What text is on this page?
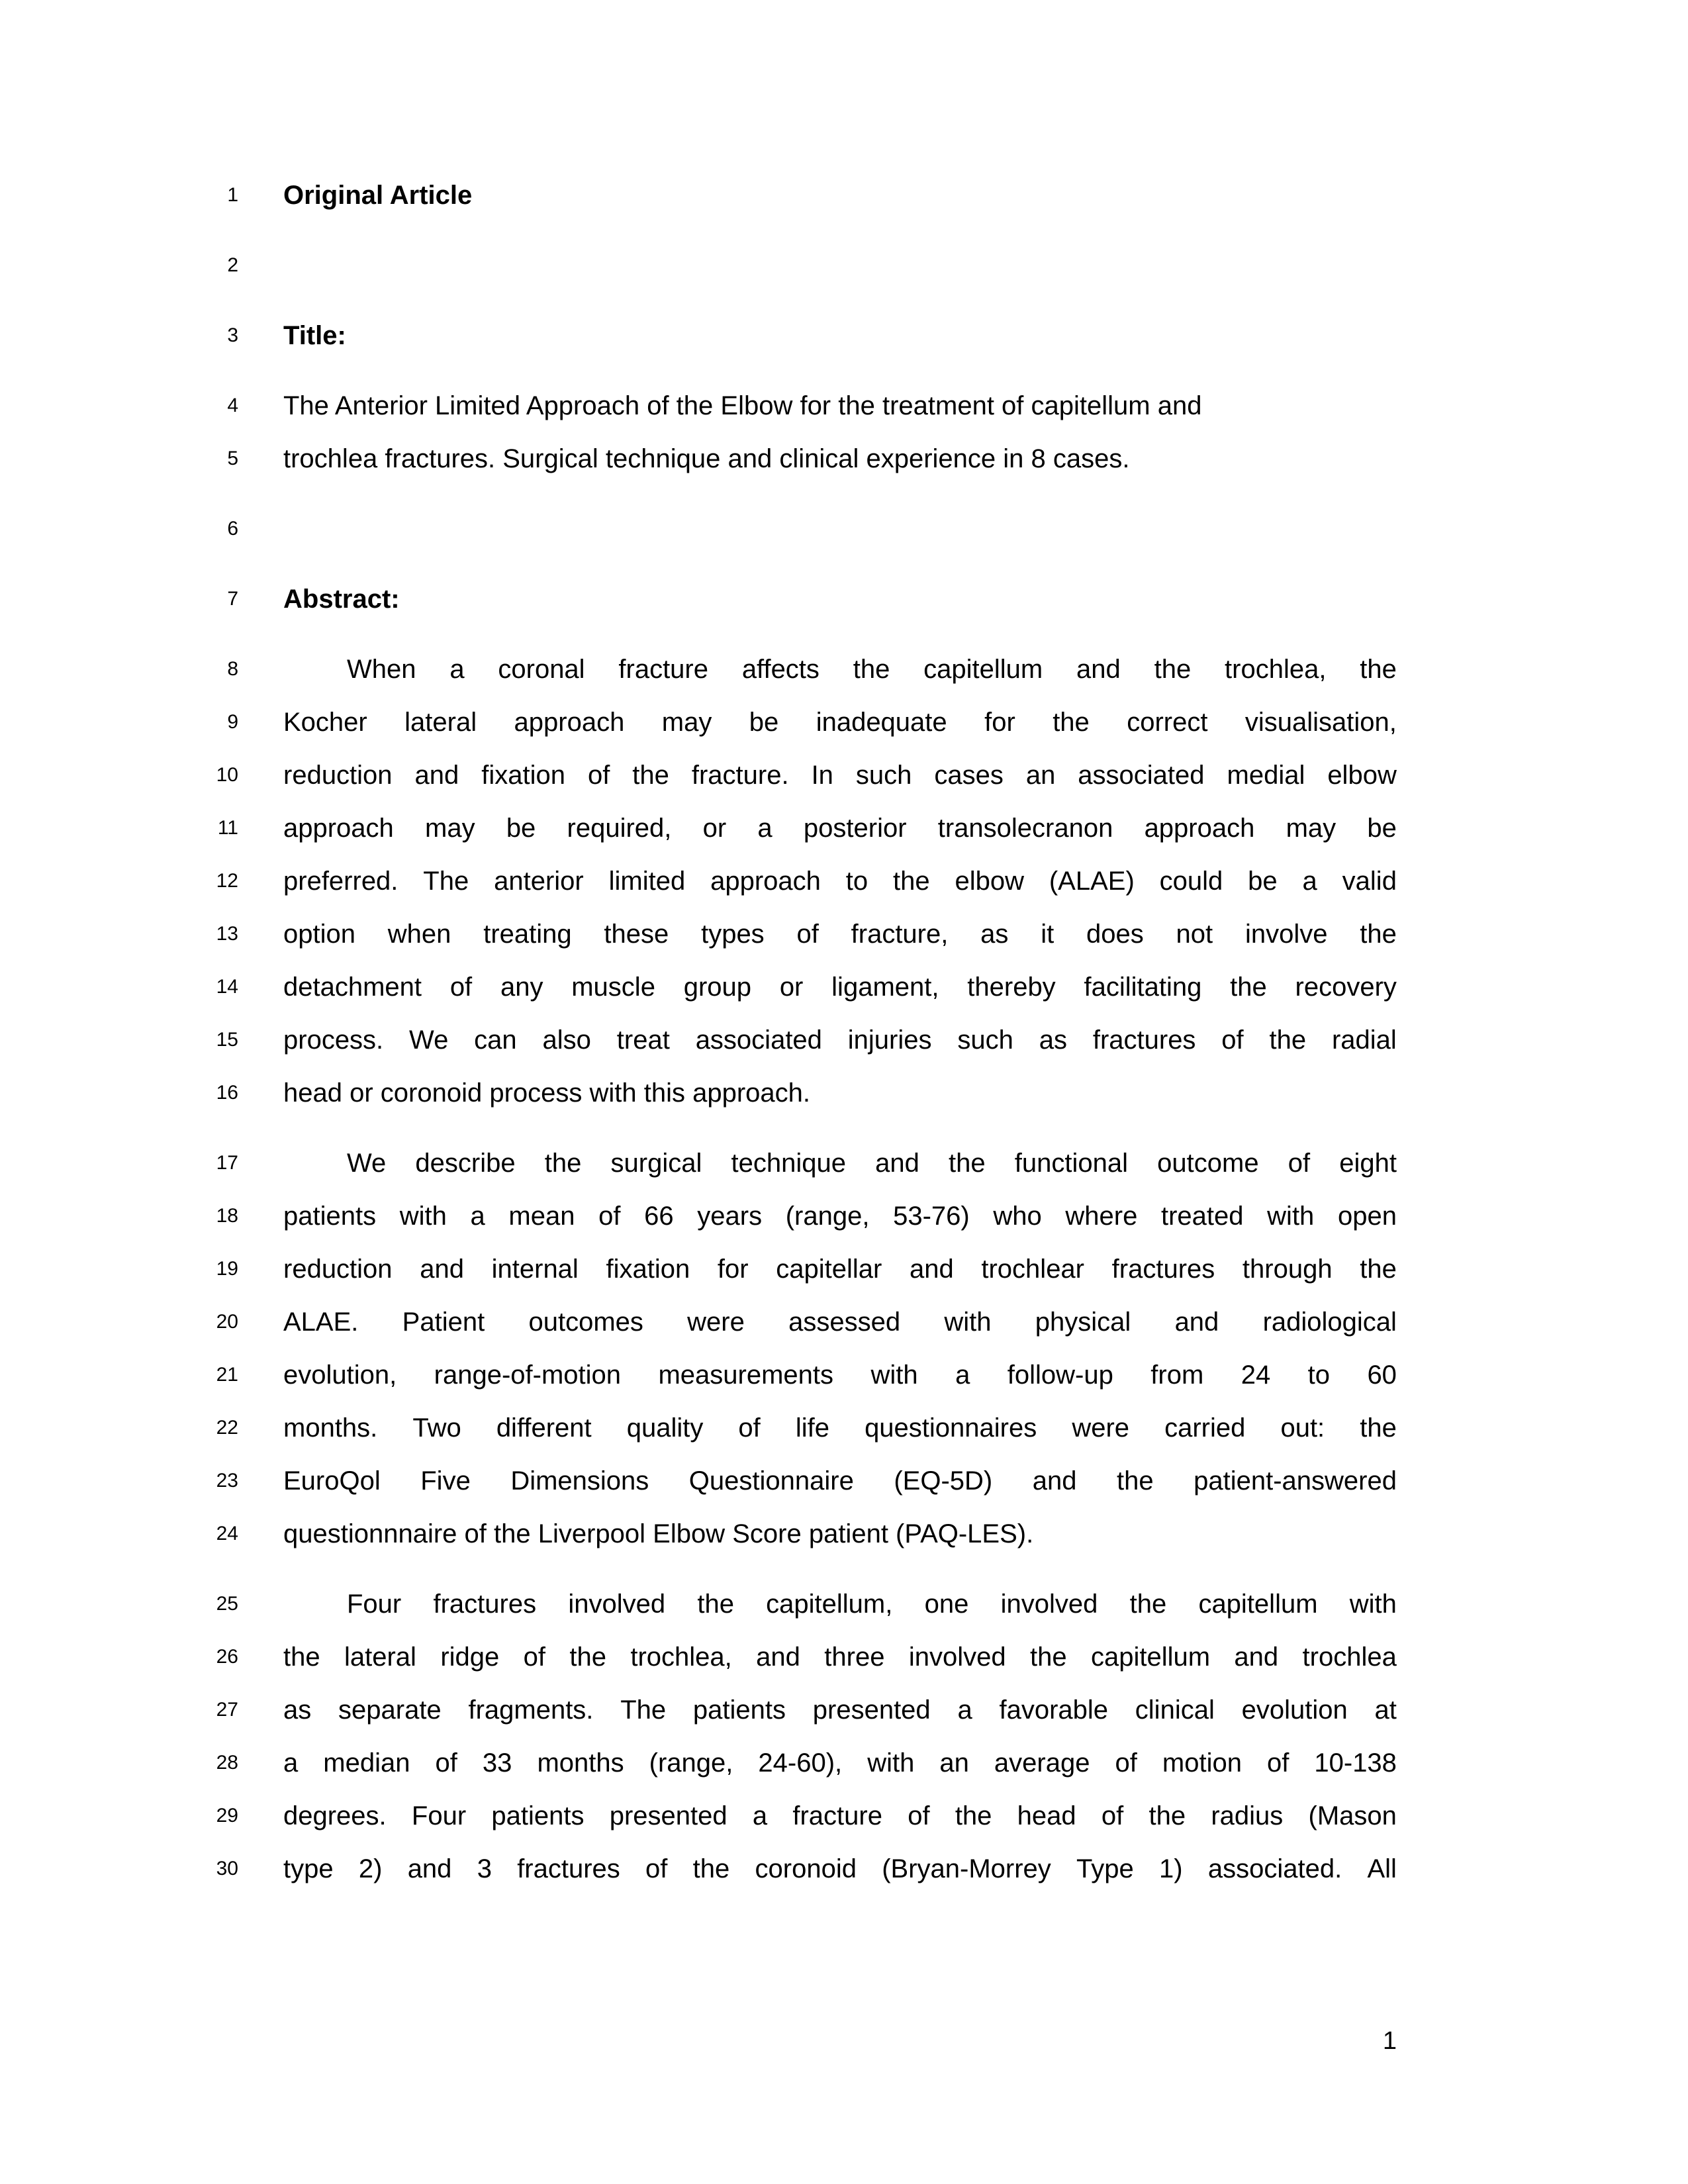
1 Original Article
2
3 Title:
4 The Anterior Limited Approach of the Elbow for the treatment of capitellum and
5 trochlea fractures. Surgical technique and clinical experience in 8 cases.
6
7 Abstract:
8	When a coronal fracture affects the capitellum and the trochlea, the
9 Kocher lateral approach may be inadequate for the correct visualisation,
10 reduction and fixation of the fracture. In such cases an associated medial elbow
11 approach may be required, or a posterior transolecranon approach may be
12 preferred. The anterior limited approach to the elbow (ALAE) could be a valid
13 option when treating these types of fracture, as it does not involve the
14 detachment of any muscle group or ligament, thereby facilitating the recovery
15 process. We can also treat associated injuries such as fractures of the radial
16 head or coronoid process with this approach.
17	We describe the surgical technique and the functional outcome of eight
18 patients with a mean of 66 years (range, 53-76) who where treated with open
19 reduction and internal fixation for capitellar and trochlear fractures through the
20 ALAE. Patient outcomes were assessed with physical and radiological
21 evolution, range-of-motion measurements with a follow-up from 24 to 60
22 months. Two different quality of life questionnaires were carried out: the
23 EuroQol Five Dimensions Questionnaire (EQ-5D) and the patient-answered
24 questionnnaire of the Liverpool Elbow Score patient (PAQ-LES).
25	Four fractures involved the capitellum, one involved the capitellum with
26 the lateral ridge of the trochlea, and three involved the capitellum and trochlea
27 as separate fragments. The patients presented a favorable clinical evolution at
28 a median of 33 months (range, 24-60), with an average of motion of 10-138
29 degrees. Four patients presented a fracture of the head of the radius (Mason
30 type 2) and 3 fractures of the coronoid (Bryan-Morrey Type 1) associated. All
1
